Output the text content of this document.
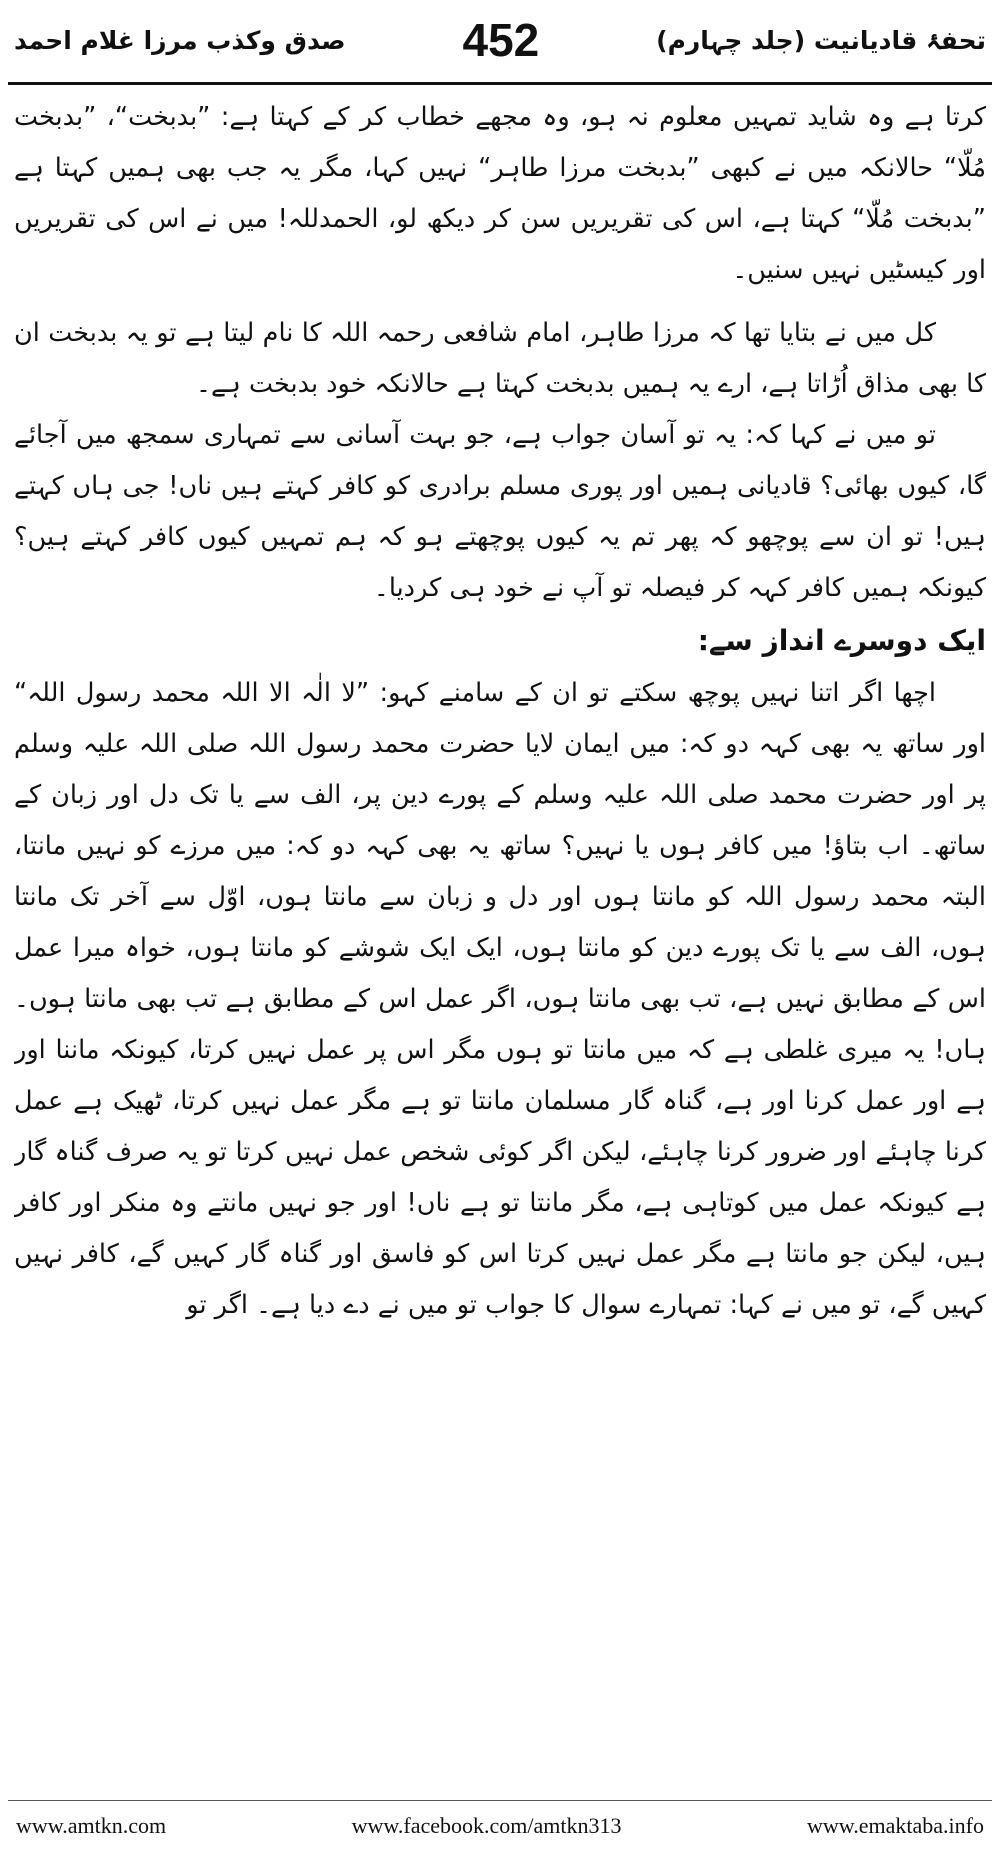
صدق وکذب مرزا غلام احمد	452	تحفۂ قادیانیت (جلد چہارم)

کرتا ہے وہ شاید تمہیں معلوم نہ ہو، وہ مجھے خطاب کر کے کہتا ہے: ”بدبخت“، ”بدبخت مُلّا“ حالانکہ میں نے کبھی ”بدبخت مرزا طاہر“ نہیں کہا، مگر یہ جب بھی ہمیں کہتا ہے ”بدبخت مُلّا“ کہتا ہے، اس کی تقریریں سن کر دیکھ لو، الحمدللہ! میں نے اس کی تقریریں اور کیسٹیں نہیں سنیں۔

کل میں نے بتایا تھا کہ مرزا طاہر، امام شافعی رحمہ اللہ کا نام لیتا ہے تو یہ بدبخت ان کا بھی مذاق اُڑاتا ہے، ارے یہ ہمیں بدبخت کہتا ہے حالانکہ خود بدبخت ہے۔

تو میں نے کہا کہ: یہ تو آسان جواب ہے، جو بہت آسانی سے تمہاری سمجھ میں آجائے گا، کیوں بھائی؟ قادیانی ہمیں اور پوری مسلم برادری کو کافر کہتے ہیں ناں! جی ہاں کہتے ہیں! تو ان سے پوچھو کہ پھر تم یہ کیوں پوچھتے ہو کہ ہم تمہیں کیوں کافر کہتے ہیں؟ کیونکہ ہمیں کافر کہہ کر فیصلہ تو آپ نے خود ہی کردیا۔

ایک دوسرے انداز سے:

اچھا اگر اتنا نہیں پوچھ سکتے تو ان کے سامنے کہو: ”لا الٰہ الا اللہ محمد رسول اللہ“ اور ساتھ یہ بھی کہہ دو کہ: میں ایمان لایا حضرت محمد رسول اللہ صلی اللہ علیہ وسلم پر اور حضرت محمد صلی اللہ علیہ وسلم کے پورے دین پر، الف سے یا تک دل اور زبان کے ساتھ۔ اب بتاؤ! میں کافر ہوں یا نہیں؟ ساتھ یہ بھی کہہ دو کہ: میں مرزے کو نہیں مانتا، البتہ محمد رسول اللہ کو مانتا ہوں اور دل و زبان سے مانتا ہوں، اوّل سے آخر تک مانتا ہوں، الف سے یا تک پورے دین کو مانتا ہوں، ایک ایک شوشے کو مانتا ہوں، خواہ میرا عمل اس کے مطابق نہیں ہے، تب بھی مانتا ہوں، اگر عمل اس کے مطابق ہے تب بھی مانتا ہوں۔ ہاں! یہ میری غلطی ہے کہ میں مانتا تو ہوں مگر اس پر عمل نہیں کرتا، کیونکہ ماننا اور ہے اور عمل کرنا اور ہے، گناہ گار مسلمان مانتا تو ہے مگر عمل نہیں کرتا، ٹھیک ہے عمل کرنا چاہئے اور ضرور کرنا چاہئے، لیکن اگر کوئی شخص عمل نہیں کرتا تو یہ صرف گناہ گار ہے کیونکہ عمل میں کوتاہی ہے، مگر مانتا تو ہے ناں! اور جو نہیں مانتے وہ منکر اور کافر ہیں، لیکن جو مانتا ہے مگر عمل نہیں کرتا اس کو فاسق اور گناہ گار کہیں گے، کافر نہیں کہیں گے، تو میں نے کہا: تمہارے سوال کا جواب تو میں نے دے دیا ہے۔ اگر تو

www.amtkn.com	www.facebook.com/amtkn313	www.emaktaba.info
